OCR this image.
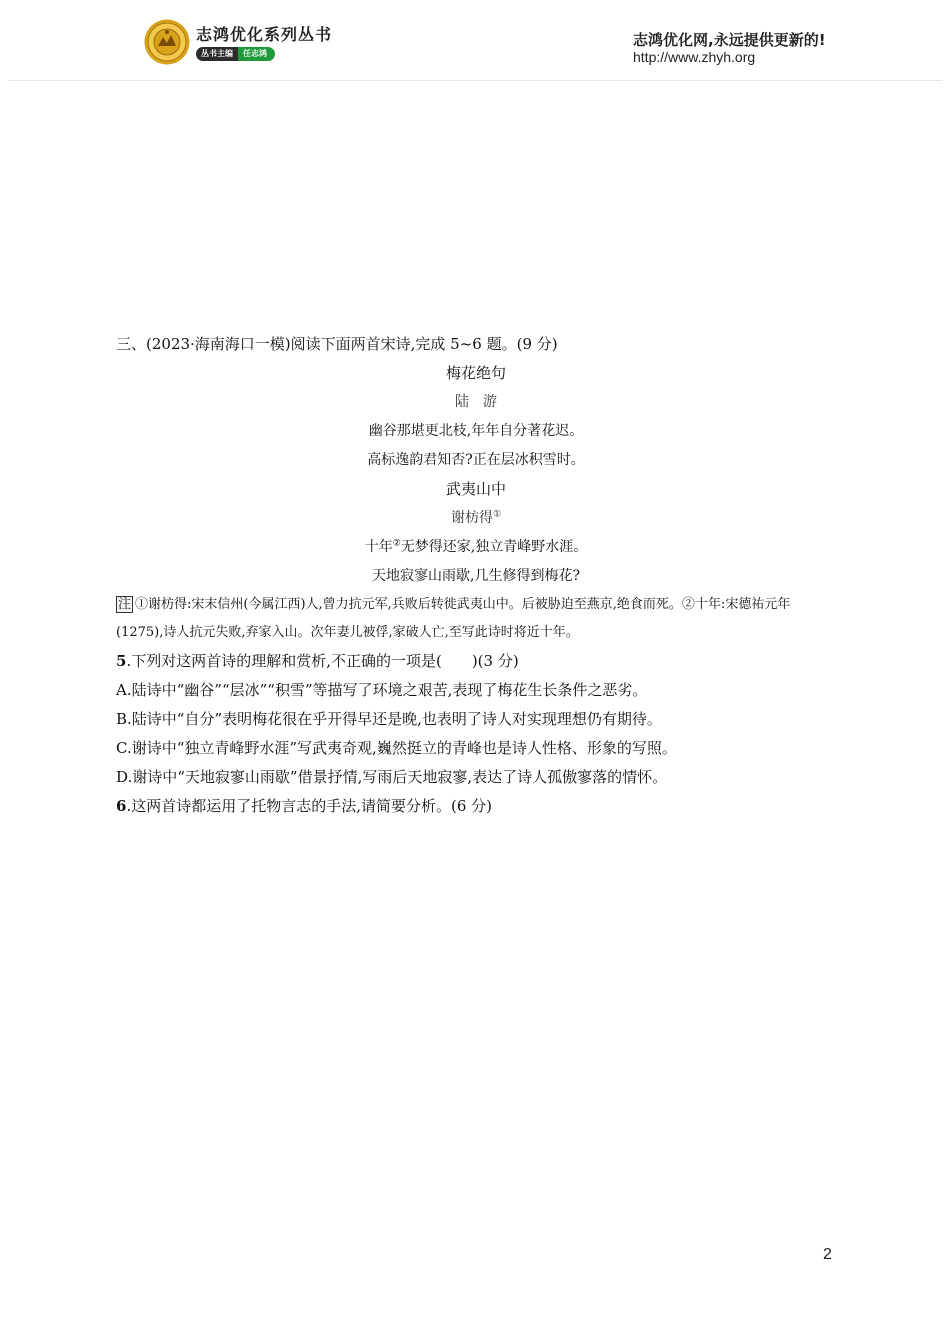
志鸿优化系列丛书
丛书主编	任志鸿
志鸿优化网,永远提供更新的!
http://www.zhyh.org
三、(2023·海南海口一模)阅读下面两首宋诗,完成 5~6 题。(9 分)
梅花绝句
陆　游
幽谷那堪更北枝,年年自分著花迟。
高标逸韵君知否?正在层冰积雪时。
武夷山中
谢枋得①
十年②无梦得还家,独立青峰野水涯。
天地寂寥山雨歇,几生修得到梅花?
注 ①谢枋得:宋末信州(今属江西)人,曾力抗元军,兵败后转徙武夷山中。后被胁迫至燕京,绝食而死。②十年:宋德祐元年(1275),诗人抗元失败,弃家入山。次年妻儿被俘,家破人亡,至写此诗时将近十年。
5.下列对这两首诗的理解和赏析,不正确的一项是(　　)(3 分)
A.陆诗中“幽谷”“层冰”“积雪”等描写了环境之艰苦,表现了梅花生长条件之恶劣。
B.陆诗中“自分”表明梅花很在乎开得早还是晚,也表明了诗人对实现理想仍有期待。
C.谢诗中“独立青峰野水涯”写武夷奇观,巍然挺立的青峰也是诗人性格、形象的写照。
D.谢诗中“天地寂寥山雨歇”借景抒情,写雨后天地寂寥,表达了诗人孤傲寥落的情怀。
6.这两首诗都运用了托物言志的手法,请简要分析。(6 分)
2
